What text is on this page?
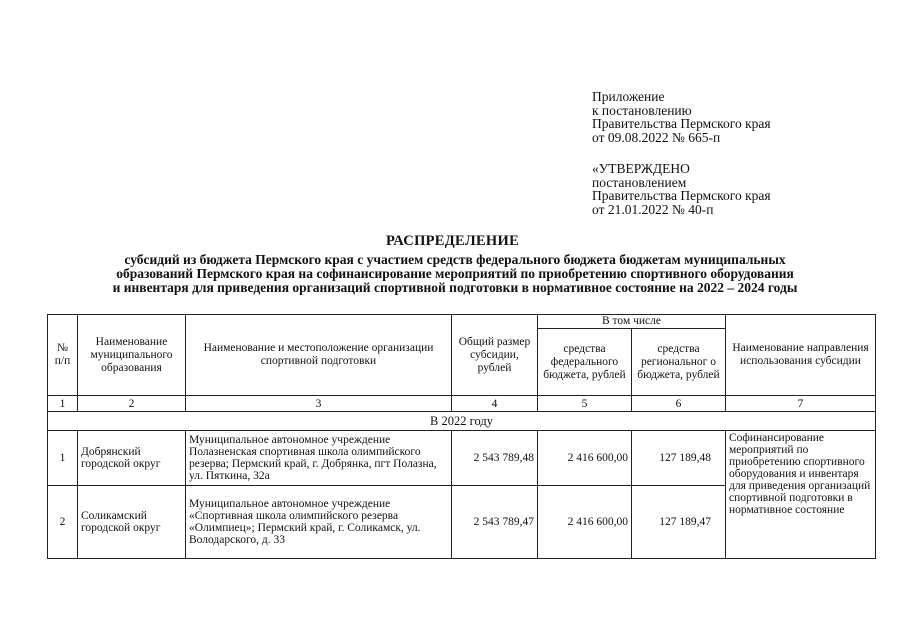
Приложение
к постановлению
Правительства Пермского края
от 09.08.2022 № 665-п
«УТВЕРЖДЕНО
постановлением
Правительства Пермского края
от 21.01.2022 № 40-п
РАСПРЕДЕЛЕНИЕ
субсидий из бюджета Пермского края с участием средств федерального бюджета бюджетам муниципальных
образований Пермского края на софинансирование мероприятий по приобретению спортивного оборудования
и инвентаря для приведения организаций спортивной подготовки в нормативное состояние на 2022 – 2024 годы
№ п/п	Наименование муниципального образования	Наименование и местоположение организации спортивной подготовки	Общий размер субсидии, рублей	В том числе		Наименование направления использования субсидии
				средства федерального бюджета, рублей	средства региональног о бюджета, рублей	
1	2	3	4	5	6	7
В 2022 году						
1	Добрянский городской округ	Муниципальное автономное учреждение Полазненская спортивная школа олимпийского резерва; Пермский край, г. Добрянка, пгт Полазна, ул. Пяткина, 32а	2 543 789,48	2 416 600,00	127 189,48	Софинансирование мероприятий по приобретению спортивного оборудования и инвентаря для приведения организаций спортивной подготовки в нормативное состояние
2	Соликамский городской округ	Муниципальное автономное учреждение «Спортивная школа олимпийского резерва «Олимпиец»; Пермский край, г. Соликамск, ул. Володарского, д. 33	2 543 789,47	2 416 600,00	127 189,47	
